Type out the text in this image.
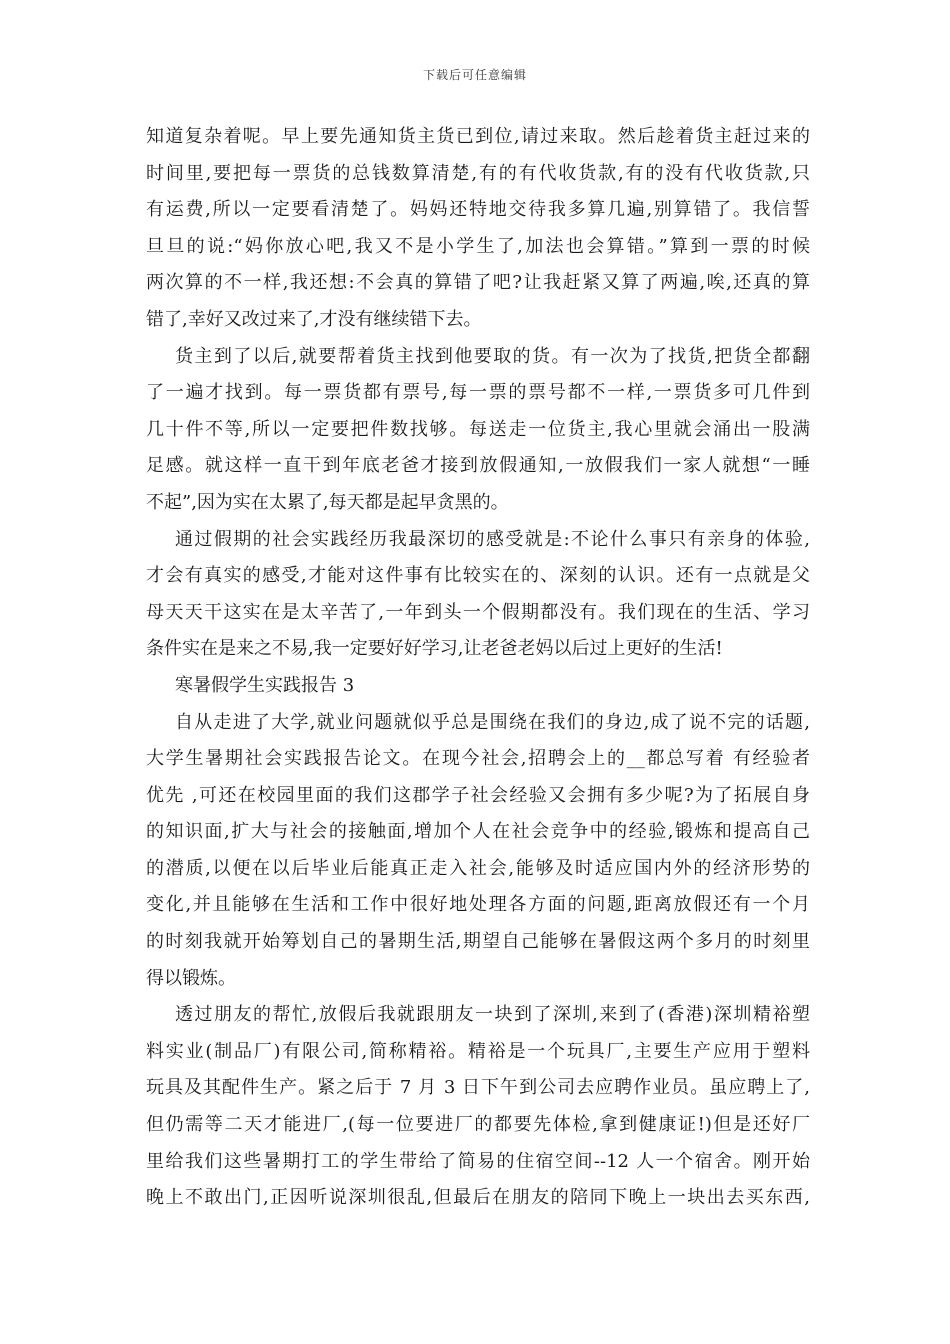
下载后可任意编辑
知道复杂着呢。早上要先通知货主货已到位,请过来取。然后趁着货主赶过来的
时间里,要把每一票货的总钱数算清楚,有的有代收货款,有的没有代收货款,只
有运费,所以一定要看清楚了。妈妈还特地交待我多算几遍,别算错了。我信誓
旦旦的说:“妈你放心吧,我又不是小学生了,加法也会算错。”算到一票的时候
两次算的不一样,我还想:不会真的算错了吧?让我赶紧又算了两遍,唉,还真的算
错了,幸好又改过来了,才没有继续错下去。
货主到了以后,就要帮着货主找到他要取的货。有一次为了找货,把货全都翻
了一遍才找到。每一票货都有票号,每一票的票号都不一样,一票货多可几件到
几十件不等,所以一定要把件数找够。每送走一位货主,我心里就会涌出一股满
足感。就这样一直干到年底老爸才接到放假通知,一放假我们一家人就想“一睡
不起”,因为实在太累了,每天都是起早贪黑的。
通过假期的社会实践经历我最深切的感受就是:不论什么事只有亲身的体验,
才会有真实的感受,才能对这件事有比较实在的、深刻的认识。还有一点就是父
母天天干这实在是太辛苦了,一年到头一个假期都没有。我们现在的生活、学习
条件实在是来之不易,我一定要好好学习,让老爸老妈以后过上更好的生活!
寒暑假学生实践报告 3
自从走进了大学,就业问题就似乎总是围绕在我们的身边,成了说不完的话题,
大学生暑期社会实践报告论文。在现今社会,招聘会上的__都总写着 有经验者
优先 ,可还在校园里面的我们这郡学子社会经验又会拥有多少呢?为了拓展自身
的知识面,扩大与社会的接触面,增加个人在社会竞争中的经验,锻炼和提高自己
的潜质,以便在以后毕业后能真正走入社会,能够及时适应国内外的经济形势的
变化,并且能够在生活和工作中很好地处理各方面的问题,距离放假还有一个月
的时刻我就开始筹划自己的暑期生活,期望自己能够在暑假这两个多月的时刻里
得以锻炼。
透过朋友的帮忙,放假后我就跟朋友一块到了深圳,来到了(香港)深圳精裕塑
料实业(制品厂)有限公司,简称精裕。精裕是一个玩具厂,主要生产应用于塑料
玩具及其配件生产。紧之后于 7 月 3 日下午到公司去应聘作业员。虽应聘上了,
但仍需等二天才能进厂,(每一位要进厂的都要先体检,拿到健康证!)但是还好厂
里给我们这些暑期打工的学生带给了简易的住宿空间--12 人一个宿舍。刚开始
晚上不敢出门,正因听说深圳很乱,但最后在朋友的陪同下晚上一块出去买东西,
